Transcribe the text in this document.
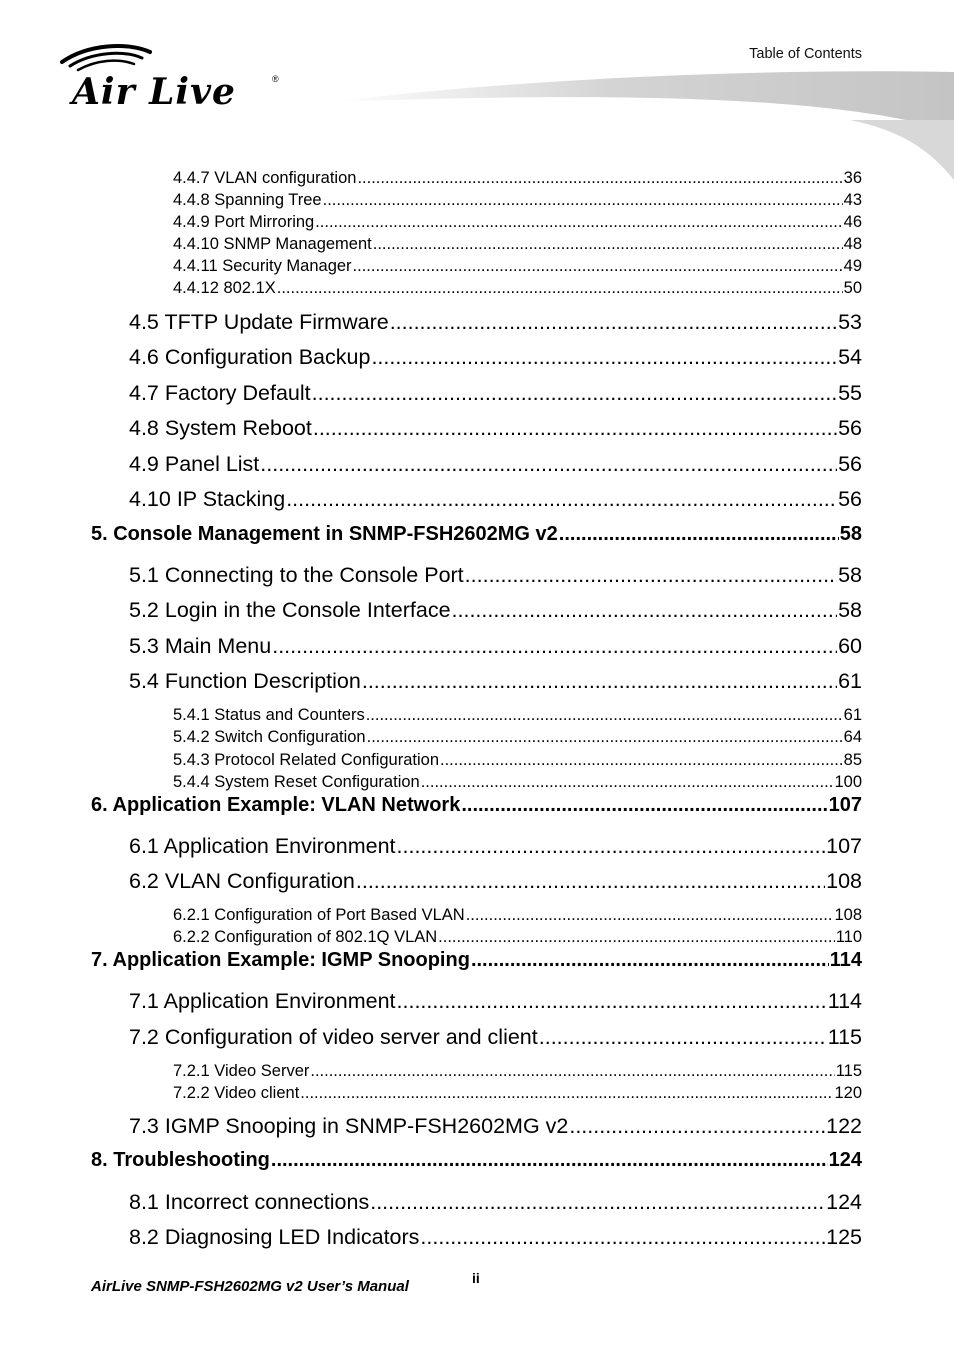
Air Live	®
Table of Contents
4.4.7 VLAN configuration .....	36
4.4.8 Spanning Tree .....	43
4.4.9 Port Mirroring .....	46
4.4.10 SNMP Management .....	48
4.4.11 Security Manager .....	49
4.4.12 802.1X .....	50
4.5 TFTP Update Firmware .....	53
4.6 Configuration Backup .....	54
4.7 Factory Default .....	55
4.8 System Reboot .....	56
4.9 Panel List .....	56
4.10 IP Stacking .....	56
5. Console Management in SNMP-FSH2602MG v2 .....	58
5.1 Connecting to the Console Port .....	58
5.2 Login in the Console Interface .....	58
5.3 Main Menu .....	60
5.4 Function Description .....	61
5.4.1 Status and Counters .....	61
5.4.2 Switch Configuration .....	64
5.4.3 Protocol Related Configuration .....	85
5.4.4 System Reset Configuration .....	100
6. Application Example: VLAN Network .....	107
6.1 Application Environment .....	107
6.2 VLAN Configuration .....	108
6.2.1 Configuration of Port Based VLAN .....	108
6.2.2 Configuration of 802.1Q VLAN .....	110
7. Application Example: IGMP Snooping .....	114
7.1 Application Environment .....	114
7.2 Configuration of video server and client .....	115
7.2.1 Video Server .....	115
7.2.2 Video client .....	120
7.3 IGMP Snooping in SNMP-FSH2602MG v2 .....	122
8. Troubleshooting .....	124
8.1 Incorrect connections .....	124
8.2 Diagnosing LED Indicators .....	125
AirLive SNMP-FSH2602MG v2 User’s Manual	ii
